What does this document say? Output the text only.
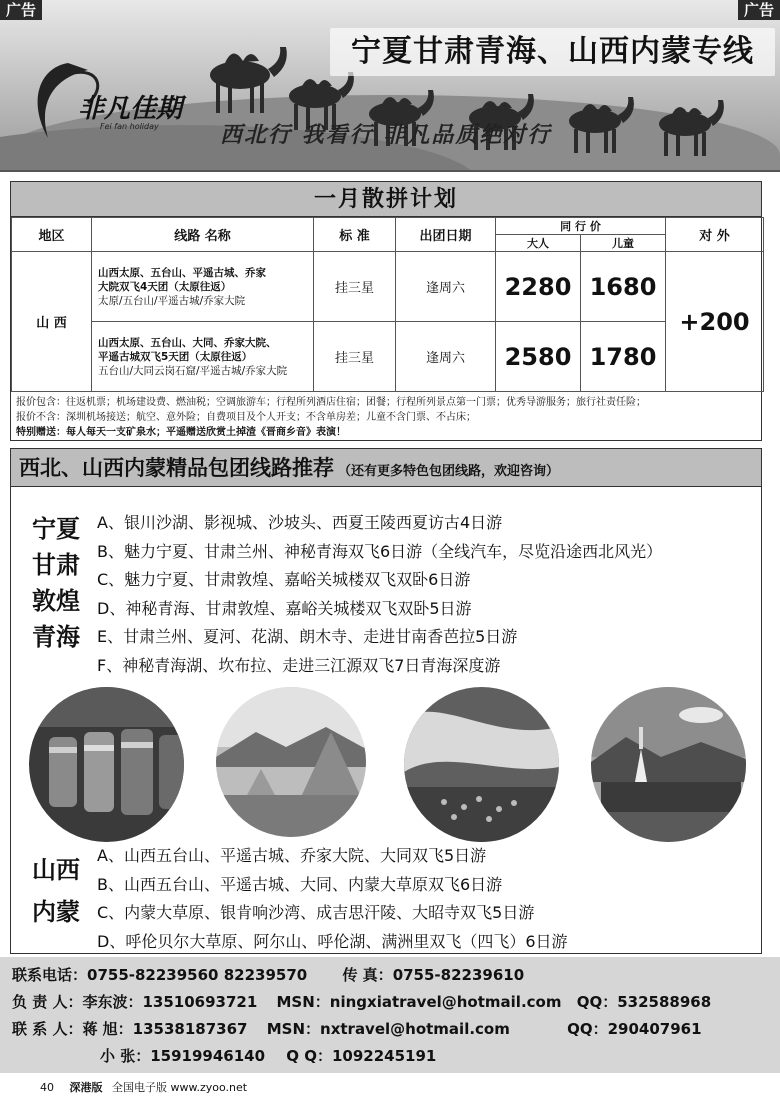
广告	广告
宁夏甘肃青海、山西内蒙专线
非凡佳期
Fei fan holiday	西北行 我看行 非凡品质绝对行
一月散拼计划
地区	线路 名称	标 准	出团日期	同 行 价		对 外
				大人	儿童	
山 西	山西太原、五台山、平遥古城、乔家
大院双飞4天团（太原往返）
太原/五台山/平遥古城/乔家大院	挂三星	逢周六	2280	1680	+200
	山西太原、五台山、大同、乔家大院、
平遥古城双飞5天团（太原往返）
五台山/大同云岗石窟/平遥古城/乔家大院	挂三星	逢周六	2580	1780	
报价包含：往返机票；机场建设费、燃油税；空调旅游车；行程所列酒店住宿；团餐；行程所列景点第一门票；优秀导游服务；旅行社责任险；
报价不含：深圳机场接送；航空、意外险；自费项目及个人开支；不含单房差；儿童不含门票、不占床；
特别赠送：每人每天一支矿泉水；平遥赠送欣赏土掉渣《晋商乡音》表演！
西北、山西内蒙精品包团线路推荐 （还有更多特色包团线路，欢迎咨询）
宁夏
甘肃
敦煌
青海
A、银川沙湖、影视城、沙坡头、西夏王陵西夏访古4日游
B、魅力宁夏、甘肃兰州、神秘青海双飞6日游（全线汽车，尽览沿途西北风光）
C、魅力宁夏、甘肃敦煌、嘉峪关城楼双飞双卧6日游
D、神秘青海、甘肃敦煌、嘉峪关城楼双飞双卧5日游
E、甘肃兰州、夏河、花湖、朗木寺、走进甘南香芭拉5日游
F、神秘青海湖、坎布拉、走进三江源双飞7日青海深度游
山西
内蒙
A、山西五台山、平遥古城、乔家大院、大同双飞5日游
B、山西五台山、平遥古城、大同、内蒙大草原双飞6日游
C、内蒙大草原、银肯响沙湾、成吉思汗陵、大昭寺双飞5日游
D、呼伦贝尔大草原、阿尔山、呼伦湖、满洲里双飞（四飞）6日游
联系电话：0755-82239560 82239570 传 真：0755-82239610
负 责 人：李东波：13510693721 MSN：ningxiatravel@hotmail.com QQ：532588968
联 系 人：蒋 旭：13538187367 MSN：nxtravel@hotmail.com	QQ：290407961
小 张：15919946140 Q Q：1092245191
40 深港版 全国电子版 www.zyoo.net
